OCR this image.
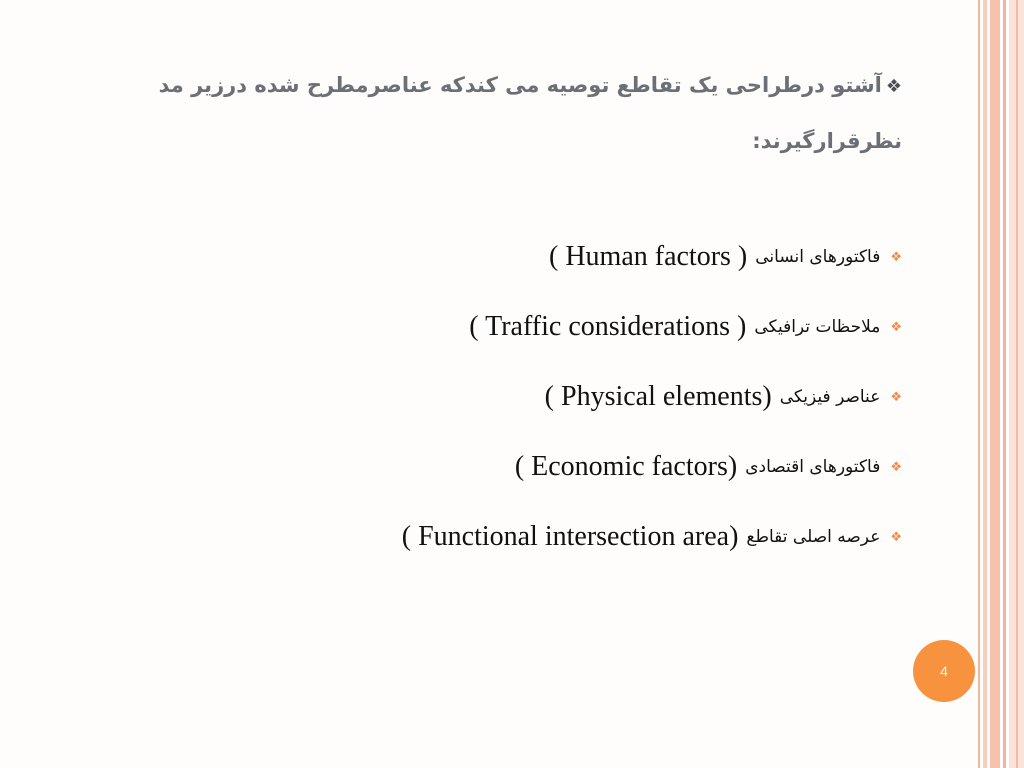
❖آشتو درطراحی یک تقاطع توصیه می کندکه عناصرمطرح شده درزیر مد نظرقرارگیرند:
❖
فاکتورهای انسانی
( Human factors )
❖
ملاحظات ترافیکی
( Traffic considerations )
❖
عناصر فیزیکی
( Physical elements)
❖
فاکتورهای اقتصادی
( Economic factors)
❖
عرصه اصلی تقاطع
( Functional intersection area)
4
